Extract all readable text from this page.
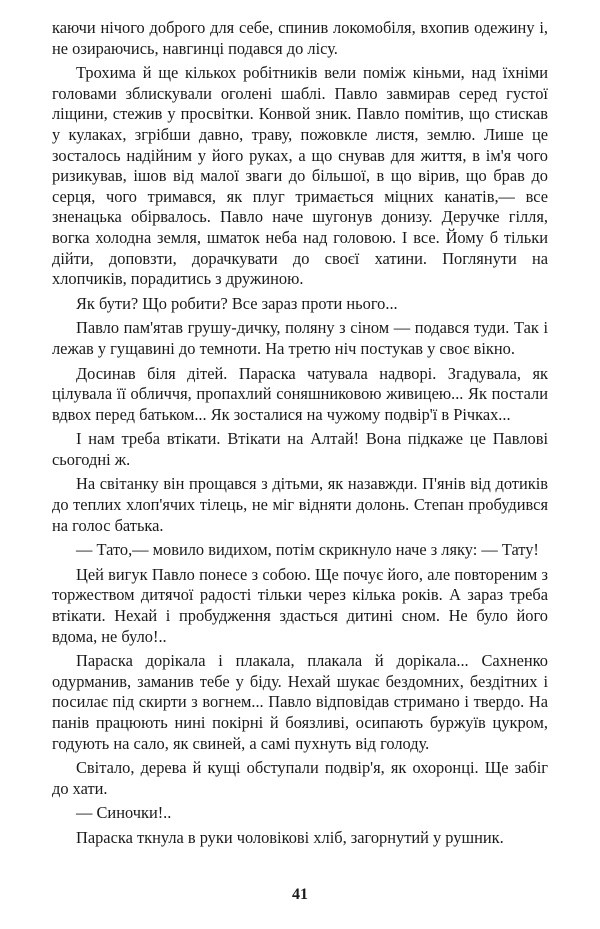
каючи нічого доброго для себе, спинив локомобіля, вхопив одежину і, не озираючись, навгинці подався до лісу.

Трохима й ще кількох робітників вели поміж кіньми, над їхніми головами зблискували оголені шаблі. Павло завмирав серед густої ліщини, стежив у просвітки. Конвой зник. Павло помітив, що стискав у кулаках, згрібши давно, траву, пожовкле листя, землю. Лише це зосталось надійним у його руках, а що снував для життя, в ім'я чого ризикував, ішов від малої зваги до більшої, в що вірив, що брав до серця, чого тримався, як плуг тримається міцних канатів,— все зненацька обірвалось. Павло наче шугонув донизу. Деручке гілля, вогка холодна земля, шматок неба над головою. І все. Йому б тільки дійти, доповзти, дорачкувати до своєї хатини. Поглянути на хлопчиків, порадитись з дружиною.

Як бути? Що робити? Все зараз проти нього...

Павло пам'ятав грушу-дичку, поляну з сіном — подався туди. Так і лежав у гущавині до темноти. На третю ніч постукав у своє вікно.

Досинав біля дітей. Параска чатувала надворі. Згадувала, як цілувала її обличчя, пропахлий соняшниковою живицею... Як постали вдвох перед батьком... Як зосталися на чужому подвір'ї в Річках...

І нам треба втікати. Втікати на Алтай! Вона підкаже це Павлові сьогодні ж.

На світанку він прощався з дітьми, як назавжди. П'янів від дотиків до теплих хлоп'ячих тілець, не міг відняти долонь. Степан пробудився на голос батька.

— Тато,— мовило видихом, потім скрикнуло наче з ляку: — Тату!

Цей вигук Павло понесе з собою. Ще почує його, але повтореним з торжеством дитячої радості тільки через кілька років. А зараз треба втікати. Нехай і пробудження здасться дитині сном. Не було його вдома, не було!..

Параска дорікала і плакала, плакала й дорікала... Сахненко одурманив, заманив тебе у біду. Нехай шукає бездомних, бездітних і посилає під скирти з вогнем... Павло відповідав стримано і твердо. На панів працюють нині покірні й боязливі, осипають буржуїв цукром, годують на сало, як свиней, а самі пухнуть від голоду.

Світало, дерева й кущі обступали подвір'я, як охоронці. Ще забіг до хати.

— Синочки!..

Параска ткнула в руки чоловікові хліб, загорнутий у рушник.

41
